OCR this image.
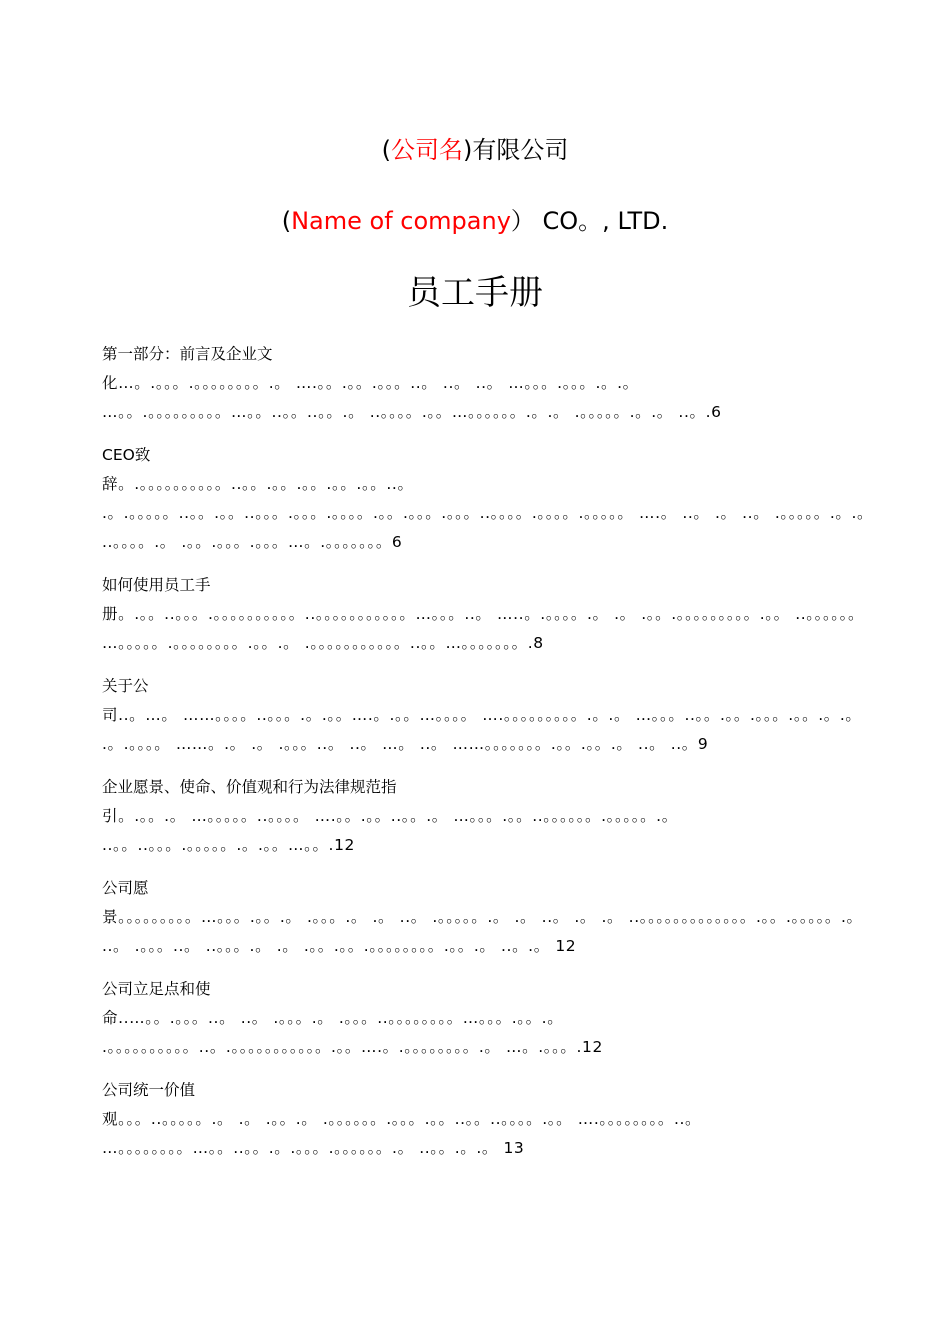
(公司名)有限公司
(Name of company） CO。, LTD.
员工手册
第一部分：前言及企业文
化…。.。。。.。。。。。。。。.。 ….。。.。。.。。。..。 ..。 ..。 …。。。.。。。.。.。 …。。.。。。。。。。。。…。。..。。..。。.。 ..。。。。.。。…。。。。。。.。.。 .。。。。。.。.。 ..。.6
CEO致
辞。.。。。。。。。。。。..。。.。。.。。.。。.。。..。 .。.。。。。。..。。.。。..。。。.。。。.。。。。.。。.。。。.。。。..。。。。.。。。。.。。。。。 ….。 ..。 .。 ..。 .。。。。。.。.。 ..。。。。.。 .。。.。。。.。。。…。.。。。。。。。6
如何使用员工手
册。.。。..。。。.。。。。。。。。。。..。。。。。。。。。。。…。。。..。 …..。.。。。。.。 .。 .。。.。。。。。。。。。.。。 ..。。。。。。 …。。。。。.。。。。。。。。.。。.。 .。。。。。。。。。。。..。。…。。。。。。。.8
关于公
司..。…。 ……。。。。..。。。.。.。。….。.。。…。。。。 ….。。。。。。。。。.。.。 …。。。..。。.。。.。。。.。。.。.。 .。.。。。。 ……。.。 .。 .。。。..。 ..。 …。 ..。 ……。。。。。。。.。。.。。.。 ..。 ..。9
企业愿景、使命、价值观和行为法律规范指
引。.。。.。 …。。。。。..。。。。 ….。。.。。..。。.。 …。。。.。。..。。。。。。.。。。。。.。 ..。。..。。。.。。。。。.。.。。…。。.12
公司愿
景。。。。。。。。。…。。。.。。.。 .。。。.。 .。 ..。 .。。。。。.。 .。 ..。 .。 .。 ..。。。。。。。。。。。。。.。。.。。。。。.。 ..。 .。。。..。 ..。。。.。 .。 .。。.。。.。。。。。。。。.。。.。 ..。.。 12
公司立足点和使
命..…。。.。。。..。 ..。 .。。。.。 .。。。..。。。。。。。。…。。。.。。.。 .。。。。。。。。。。..。.。。。。。。。。。。。.。。….。.。。。。。。。。.。 …。.。。。.12
公司统一价值
观。。。..。。。。。.。 .。 .。。.。 .。。。。。。.。。。.。。..。。..。。。。.。。 ….。。。。。。。。..。 …。。。。。。。。…。。..。。.。.。。。.。。。。。。.。 ..。。.。.。 13
